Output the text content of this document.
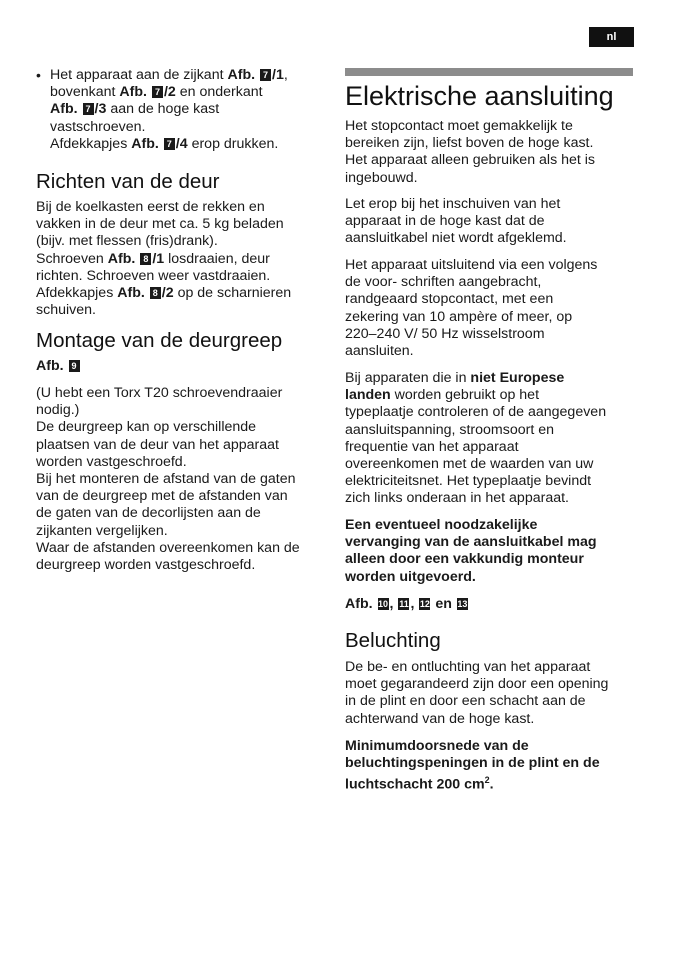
nl
• Het apparaat aan de zijkant Afb. 7 /1,

bovenkant Afb. 7 /2 en onderkant

Afb. 7 /3 aan de hoge kast

vastschroeven.

Afdekkapjes Afb. 7 /4 erop drukken.

Richten van de deur

Bij de koelkasten eerst de rekken en

vakken in de deur met ca. 5 kg beladen

(bijv. met flessen (fris)drank).

Schroeven Afb. 8 /1 losdraaien, deur

richten. Schroeven weer vastdraaien.

Afdekkapjes Afb. 8 /2 op de scharnieren

schuiven.

Montage van de deurgreep

Afb. 9

(U hebt een Torx T20 schroevendraaier

nodig.)

De deurgreep kan op verschillende

plaatsen van de deur van het apparaat

worden vastgeschroefd.

Bij het monteren de afstand van de gaten

van de deurgreep met de afstanden van

de gaten van de decorlijsten aan de

zijkanten vergelijken.

Waar de afstanden overeenkomen kan de

deurgreep worden vastgeschroefd.

Elektrische aansluiting

Het stopcontact moet gemakkelijk te

bereiken zijn, liefst boven de hoge kast.

Het apparaat alleen gebruiken als het is

ingebouwd.

Let erop bij het inschuiven van het

apparaat in de hoge kast dat de

aansluitkabel niet wordt afgeklemd.

Het apparaat uitsluitend via een volgens

de voor- schriften aangebracht,

randgeaard stopcontact, met een

zekering van 10 ampère of meer, op

220–240 V/ 50 Hz wisselstroom

aansluiten.

Bij apparaten die in niet Europese

landen worden gebruikt op het

typeplaatje controleren of de aangegeven

aansluitspanning, stroomsoort en

frequentie van het apparaat

overeenkomen met de waarden van uw

elektriciteitsnet. Het typeplaatje bevindt

zich links onderaan in het apparaat.

Een eventueel noodzakelijke

vervanging van de aansluitkabel mag

alleen door een vakkundig monteur

worden uitgevoerd.

Afb. 10 , 11 , 12 en 13

Beluchting

De be- en ontluchting van het apparaat

moet gegarandeerd zijn door een opening

in de plint en door een schacht aan de

achterwand van de hoge kast.

Minimumdoorsnede van de

beluchtingspeningen in de plint en de

luchtschacht 200 $cm^2$.
